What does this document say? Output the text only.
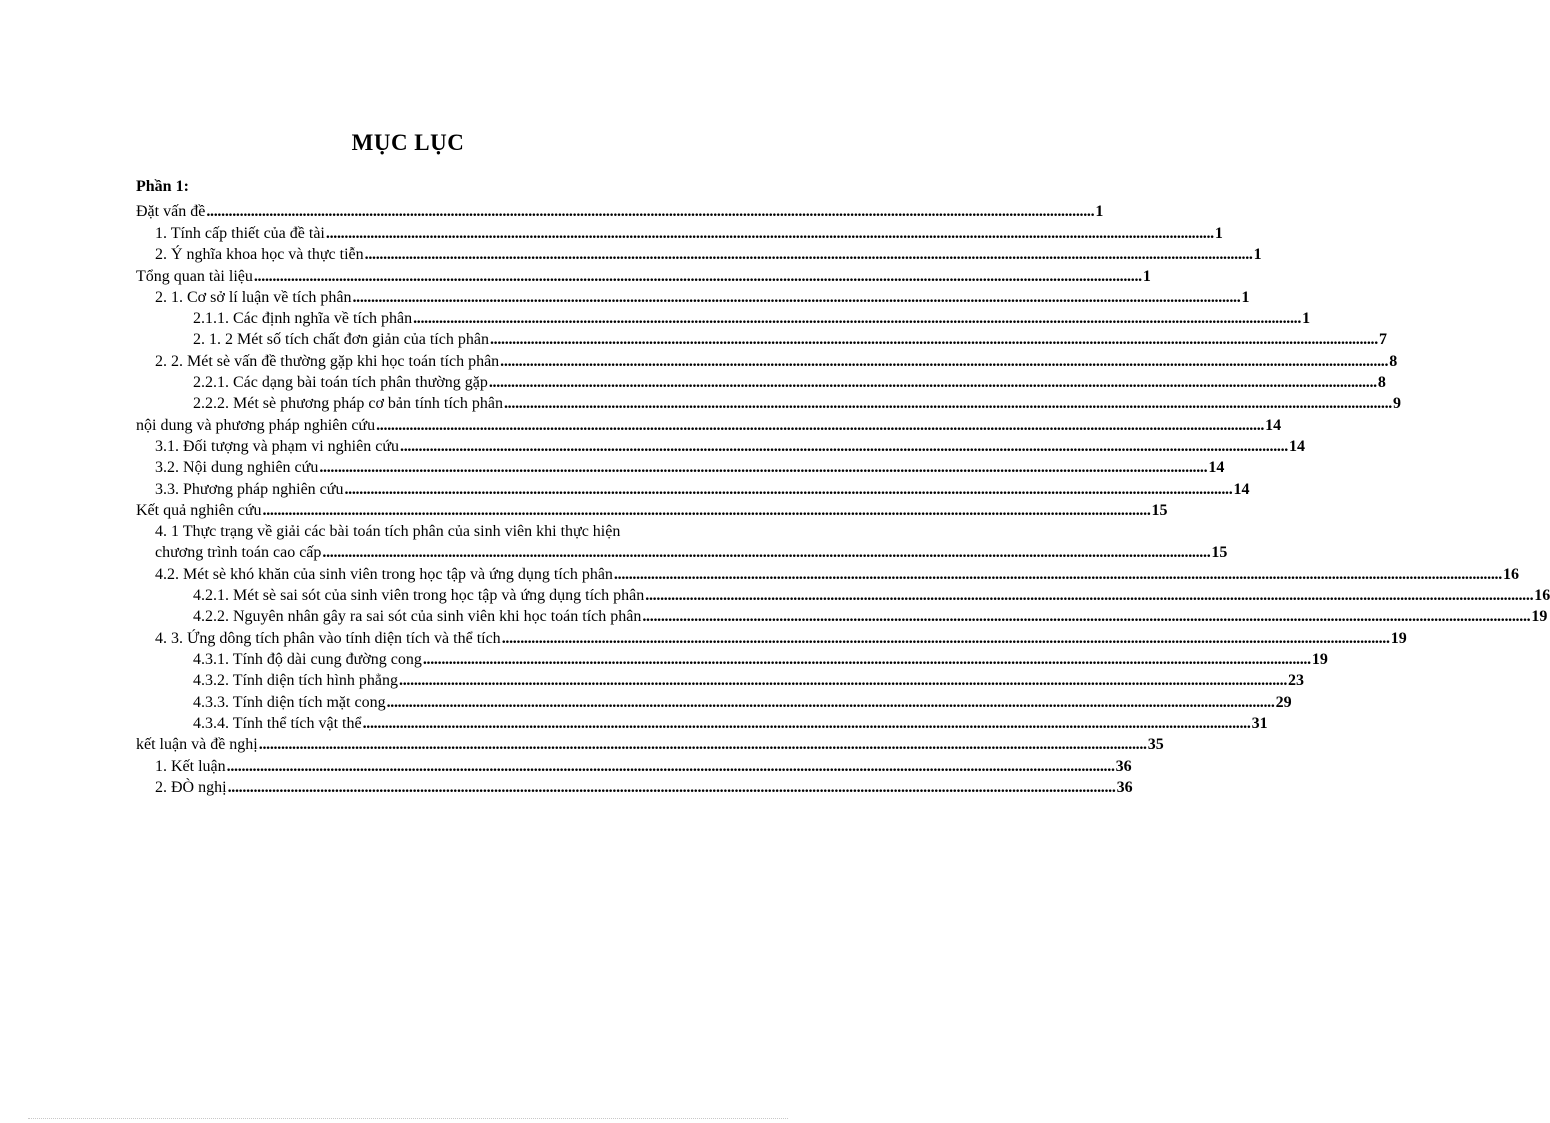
MỤC LỤC
Phần 1:
Đặt vấn đề ................................................................................................................................................................................................................................................ 1
1. Tính cấp thiết của đề tài ................................................................................................................................................................................................................................................ 1
2. Ý nghĩa khoa học và thực tiễn ................................................................................................................................................................................................................................................ 1
Tổng quan tài liệu ................................................................................................................................................................................................................................................ 1
2. 1. Cơ sở lí luận về tích phân ................................................................................................................................................................................................................................................ 1
2.1.1. Các định nghĩa về tích phân ................................................................................................................................................................................................................................................ 1
2. 1. 2 Mét số tích chất đơn giản của tích phân ................................................................................................................................................................................................................................................ 7
2. 2. Mét sè vấn đề thường gặp khi học toán tích phân ................................................................................................................................................................................................................................................ 8
2.2.1. Các dạng bài toán tích phân thường gặp ................................................................................................................................................................................................................................................ 8
2.2.2. Mét sè phương pháp cơ bản tính tích phân ................................................................................................................................................................................................................................................ 9
nội dung và phương pháp nghiên cứu ................................................................................................................................................................................................................................................ 14
3.1. Đối tượng và phạm vi nghiên cứu ................................................................................................................................................................................................................................................ 14
3.2. Nội dung nghiên cứu ................................................................................................................................................................................................................................................ 14
3.3. Phương pháp nghiên cứu ................................................................................................................................................................................................................................................ 14
Kết quả nghiên cứu ................................................................................................................................................................................................................................................ 15
4. 1 Thực trạng về giải các bài toán tích phân của sinh viên khi thực hiện
chương trình toán cao cấp ................................................................................................................................................................................................................................................ 15
4.2. Mét sè khó khăn của sinh viên trong học tập và ứng dụng tích phân ................................................................................................................................................................................................................................................ 16
4.2.1. Mét sè sai sót của sinh viên trong học tập và ứng dụng tích phân ................................................................................................................................................................................................................................................ 16
4.2.2. Nguyên nhân gây ra sai sót của sinh viên khi học toán tích phân ................................................................................................................................................................................................................................................ 19
4. 3. Ứng dông tích phân vào tính diện tích và thể tích ................................................................................................................................................................................................................................................ 19
4.3.1. Tính độ dài cung đường cong ................................................................................................................................................................................................................................................ 19
4.3.2. Tính diện tích hình phẳng ................................................................................................................................................................................................................................................ 23
4.3.3. Tính diện tích mặt cong ................................................................................................................................................................................................................................................ 29
4.3.4. Tính thể tích vật thể ................................................................................................................................................................................................................................................ 31
kết luận và đề nghị ................................................................................................................................................................................................................................................ 35
1. Kết luận ................................................................................................................................................................................................................................................ 36
2. ĐÒ nghị ................................................................................................................................................................................................................................................ 36
